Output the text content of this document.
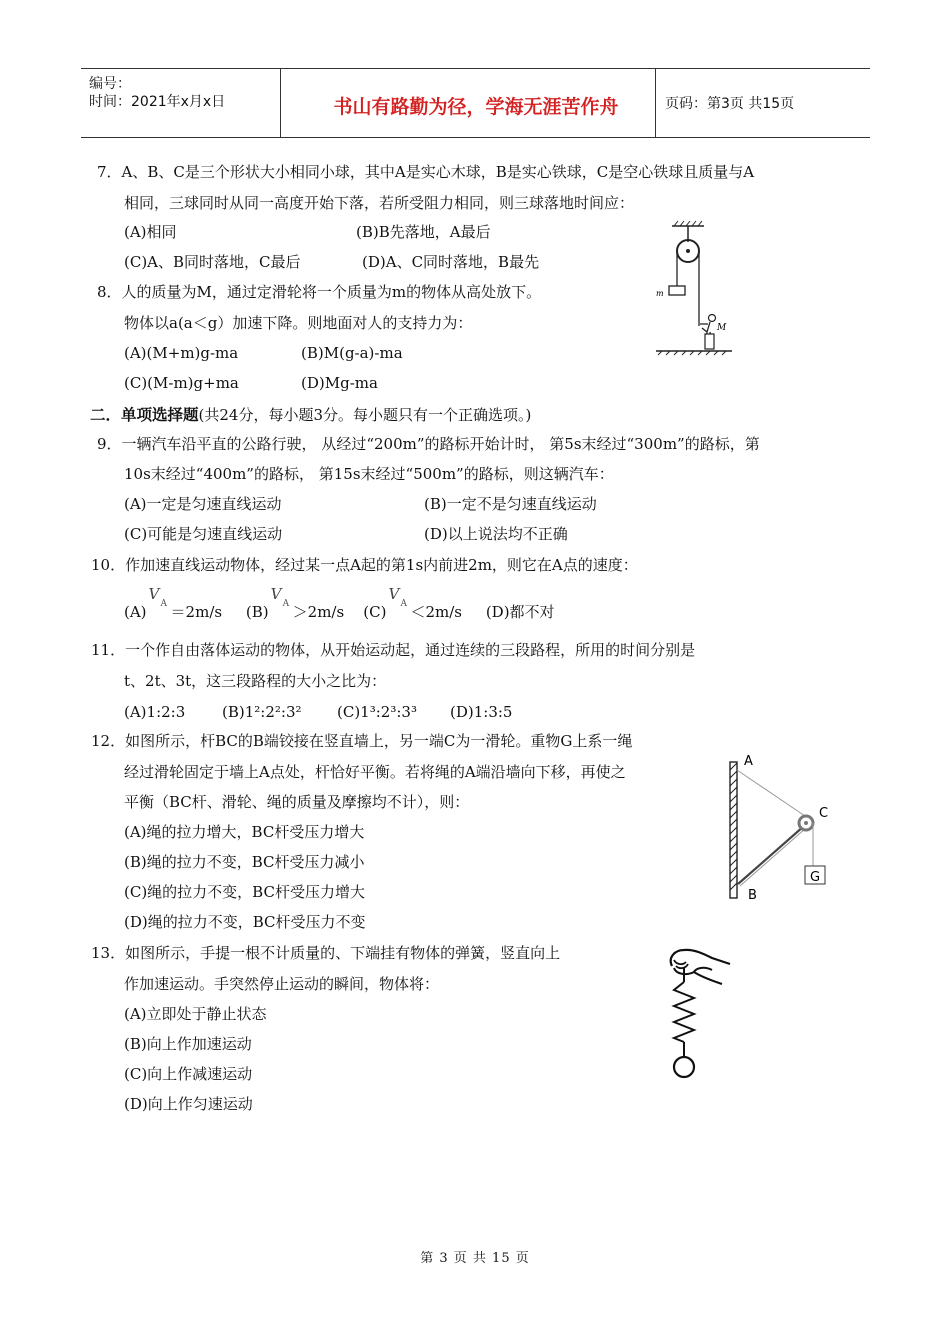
编号：
时间：2021年x月x日	书山有路勤为径，学海无涯苦作舟	页码：第3页 共15页
7．A、B、C是三个形状大小相同小球，其中A是实心木球，B是实心铁球，C是空心铁球且质量与A
相同，三球同时从同一高度开始下落，若所受阻力相同，则三球落地时间应：
(A)相同	(B)B先落地，A最后
(C)A、B同时落地，C最后	(D)A、C同时落地，B最先
8．人的质量为M，通过定滑轮将一个质量为m的物体从高处放下。
物体以a(a＜g）加速下降。则地面对人的支持力为：
(A)(M+m)g-ma	(B)M(g-a)-ma
(C)(M-m)g+ma	(D)Mg-ma
m
M
二．单项选择题(共24分，每小题3分。每小题只有一个正确选项。)
9．一辆汽车沿平直的公路行驶， 从经过“200m”的路标开始计时， 第5s末经过“300m”的路标，第
10s末经过“400m”的路标， 第15s末经过“500m”的路标，则这辆汽车：
(A)一定是匀速直线运动	(B)一定不是匀速直线运动
(C)可能是匀速直线运动	(D)以上说法均不正确
10．作加速直线运动物体，经过某一点A起的第1s内前进2m，则它在A点的速度：
(A)
V
A ＝2m/s (B)
V
A ＞2m/s (C)
V
A ＜2m/s (D)都不对
11．一个作自由落体运动的物体，从开始运动起，通过连续的三段路程，所用的时间分别是
t、2t、3t，这三段路程的大小之比为：
(A)1:2:3 (B)1²:2²:3² (C)1³:2³:3³ (D)1:3:5
12．如图所示，杆BC的B端铰接在竖直墙上，另一端C为一滑轮。重物G上系一绳
经过滑轮固定于墙上A点处，杆恰好平衡。若将绳的A端沿墙向下移，再使之
平衡（BC杆、滑轮、绳的质量及摩擦均不计），则：
(A)绳的拉力增大，BC杆受压力增大
(B)绳的拉力不变，BC杆受压力减小
(C)绳的拉力不变，BC杆受压力增大
(D)绳的拉力不变，BC杆受压力不变
A
C
G
B
13．如图所示，手提一根不计质量的、下端挂有物体的弹簧，竖直向上
作加速运动。手突然停止运动的瞬间，物体将：
(A)立即处于静止状态
(B)向上作加速运动
(C)向上作减速运动
(D)向上作匀速运动
第 3 页 共 15 页
